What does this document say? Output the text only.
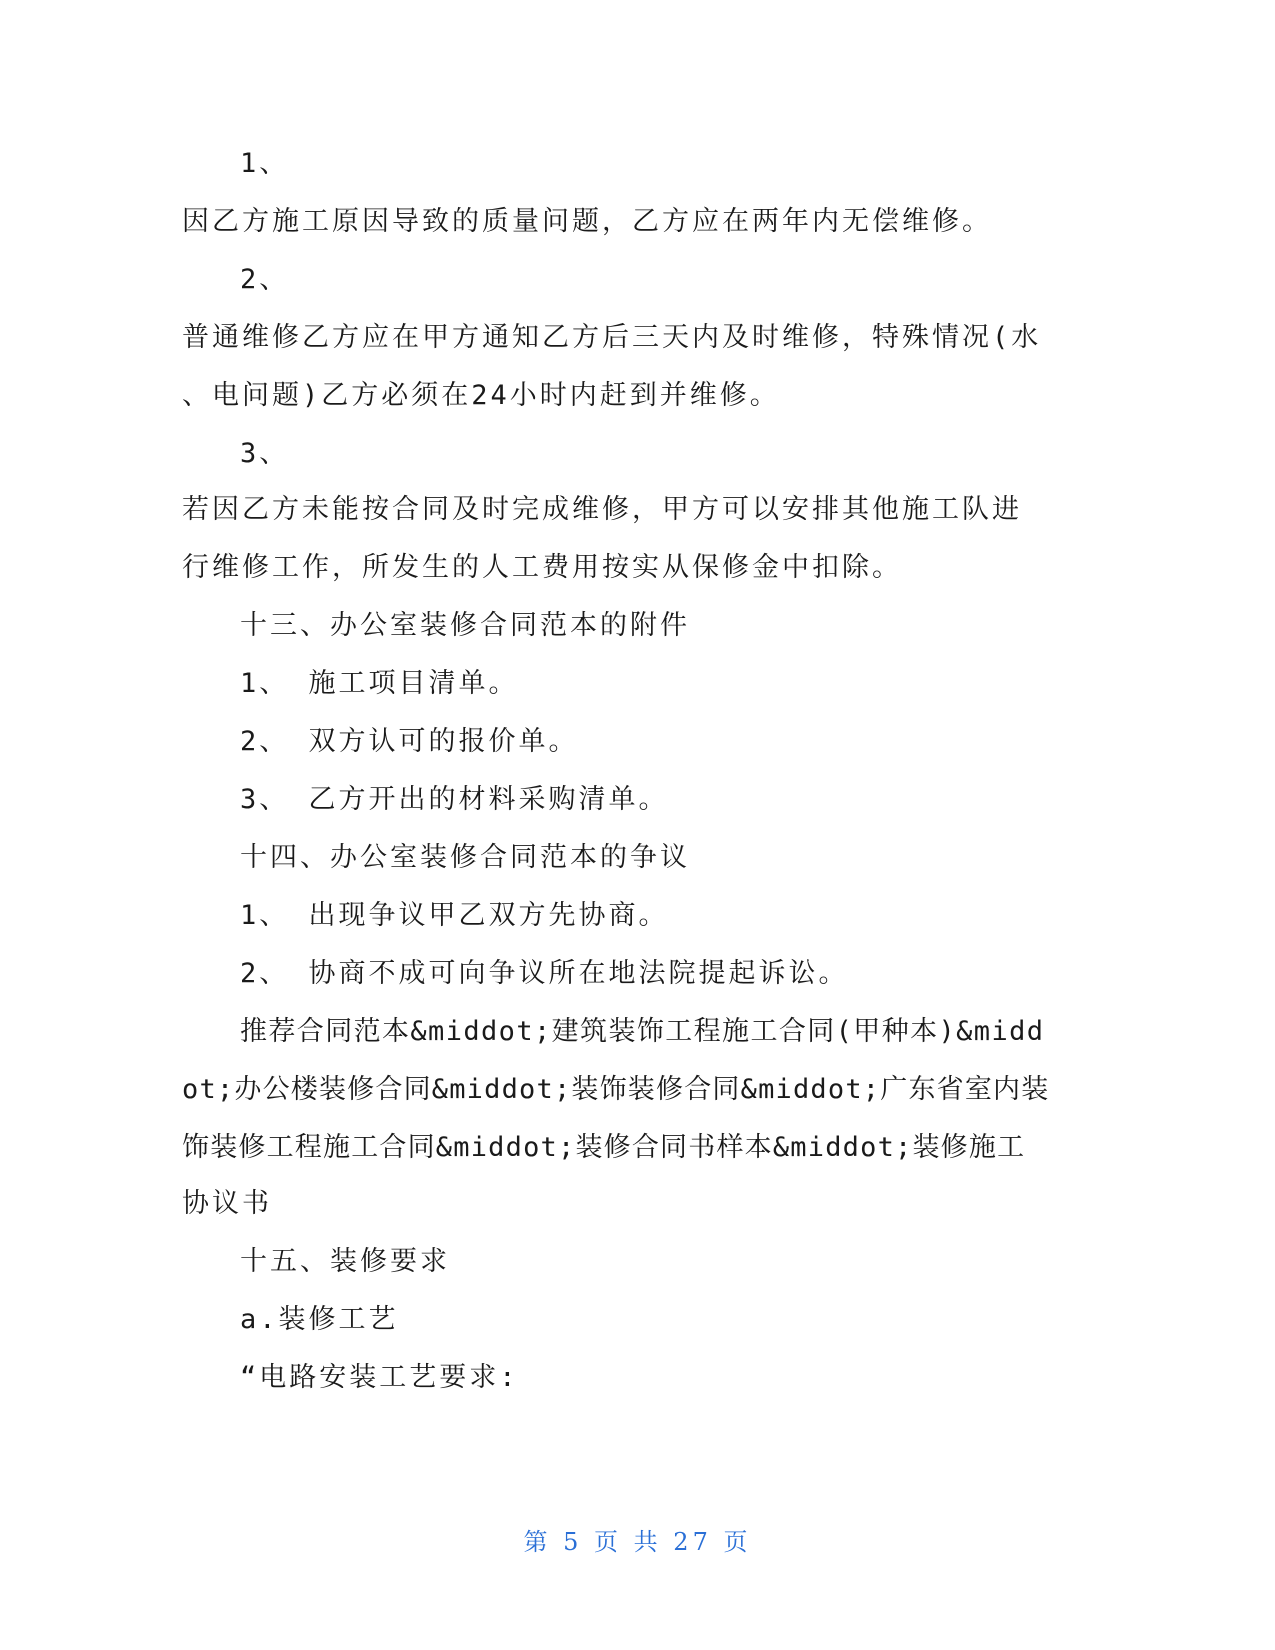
1、
因乙方施工原因导致的质量问题，乙方应在两年内无偿维修。
2、
普通维修乙方应在甲方通知乙方后三天内及时维修，特殊情况(水
、电问题)乙方必须在24小时内赶到并维修。
3、
若因乙方未能按合同及时完成维修，甲方可以安排其他施工队进
行维修工作，所发生的人工费用按实从保修金中扣除。
十三、办公室装修合同范本的附件
1、 施工项目清单。
2、 双方认可的报价单。
3、 乙方开出的材料采购清单。
十四、办公室装修合同范本的争议
1、 出现争议甲乙双方先协商。
2、 协商不成可向争议所在地法院提起诉讼。
推荐合同范本&middot;建筑装饰工程施工合同(甲种本)&midd
ot;办公楼装修合同&middot;装饰装修合同&middot;广东省室内装
饰装修工程施工合同&middot;装修合同书样本&middot;装修施工
协议书
十五、装修要求
a.装修工艺
“电路安装工艺要求:
第 5 页 共 27 页
